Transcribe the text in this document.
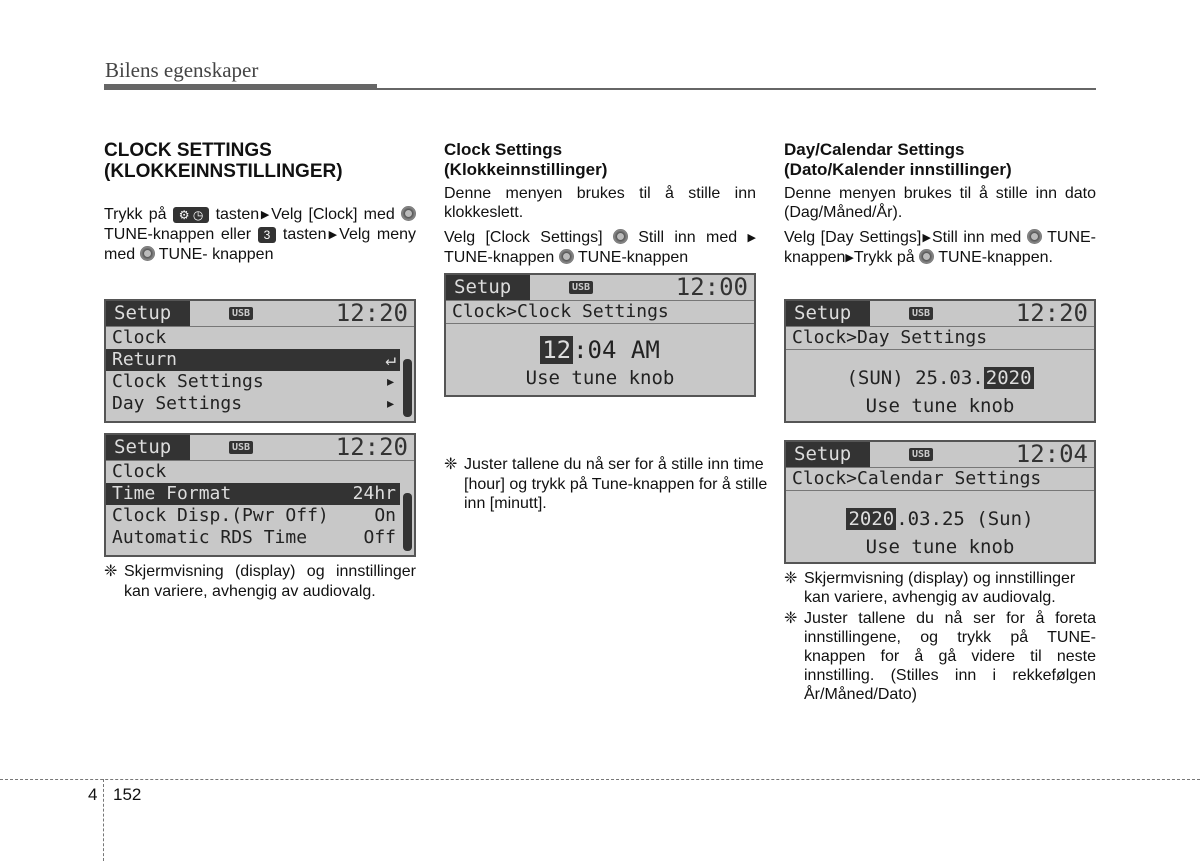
Bilens egenskaper
CLOCK SETTINGS
(KLOKKEINNSTILLINGER)

Trykk på ⚙ ◷ tasten▶Velg [Clock] med  TUNE-knappen eller 3 tasten▶Velg meny med TUNE- knappen

Setup	USB	12:20
Clock
Return	↵
Clock Settings	▸
Day Settings	▸
Setup	USB	12:20
Clock
Time Format	24hr
Clock Disp.(Pwr Off)	On
Automatic RDS Time	Off
❈ Skjermvisning (display) og innstillinger kan variere, avhengig av audiovalg.
Clock Settings
(Klokkeinnstillinger)

Denne menyen brukes til å stille inn klokkeslett.

Velg [Clock Settings] Still inn med ▶ TUNE-knappen TUNE-knappen

Setup	USB	12:00
Clock>Clock Settings
12:04 AM
Use tune knob
❈ Juster tallene du nå ser for å stille inn time [hour] og trykk på Tune-knappen for å stille inn [minutt].
Day/Calendar Settings
(Dato/Kalender innstillinger)

Denne menyen brukes til å stille inn dato (Dag/Måned/År).

Velg [Day Settings]▶Still inn med TUNE-knappen▶Trykk på TUNE-knappen.

Setup	USB	12:20
Clock>Day Settings
(SUN) 25.03. 2020
Use tune knob
Setup	USB	12:04
Clock>Calendar Settings
2020 .03.25 (Sun)
Use tune knob
❈ Skjermvisning (display) og innstillinger kan variere, avhengig av audiovalg.
❈ Juster tallene du nå ser for å foreta innstillingene, og trykk på TUNE-knappen for å gå videre til neste innstilling. (Stilles inn i rekkefølgen År/Måned/Dato)
4 152
